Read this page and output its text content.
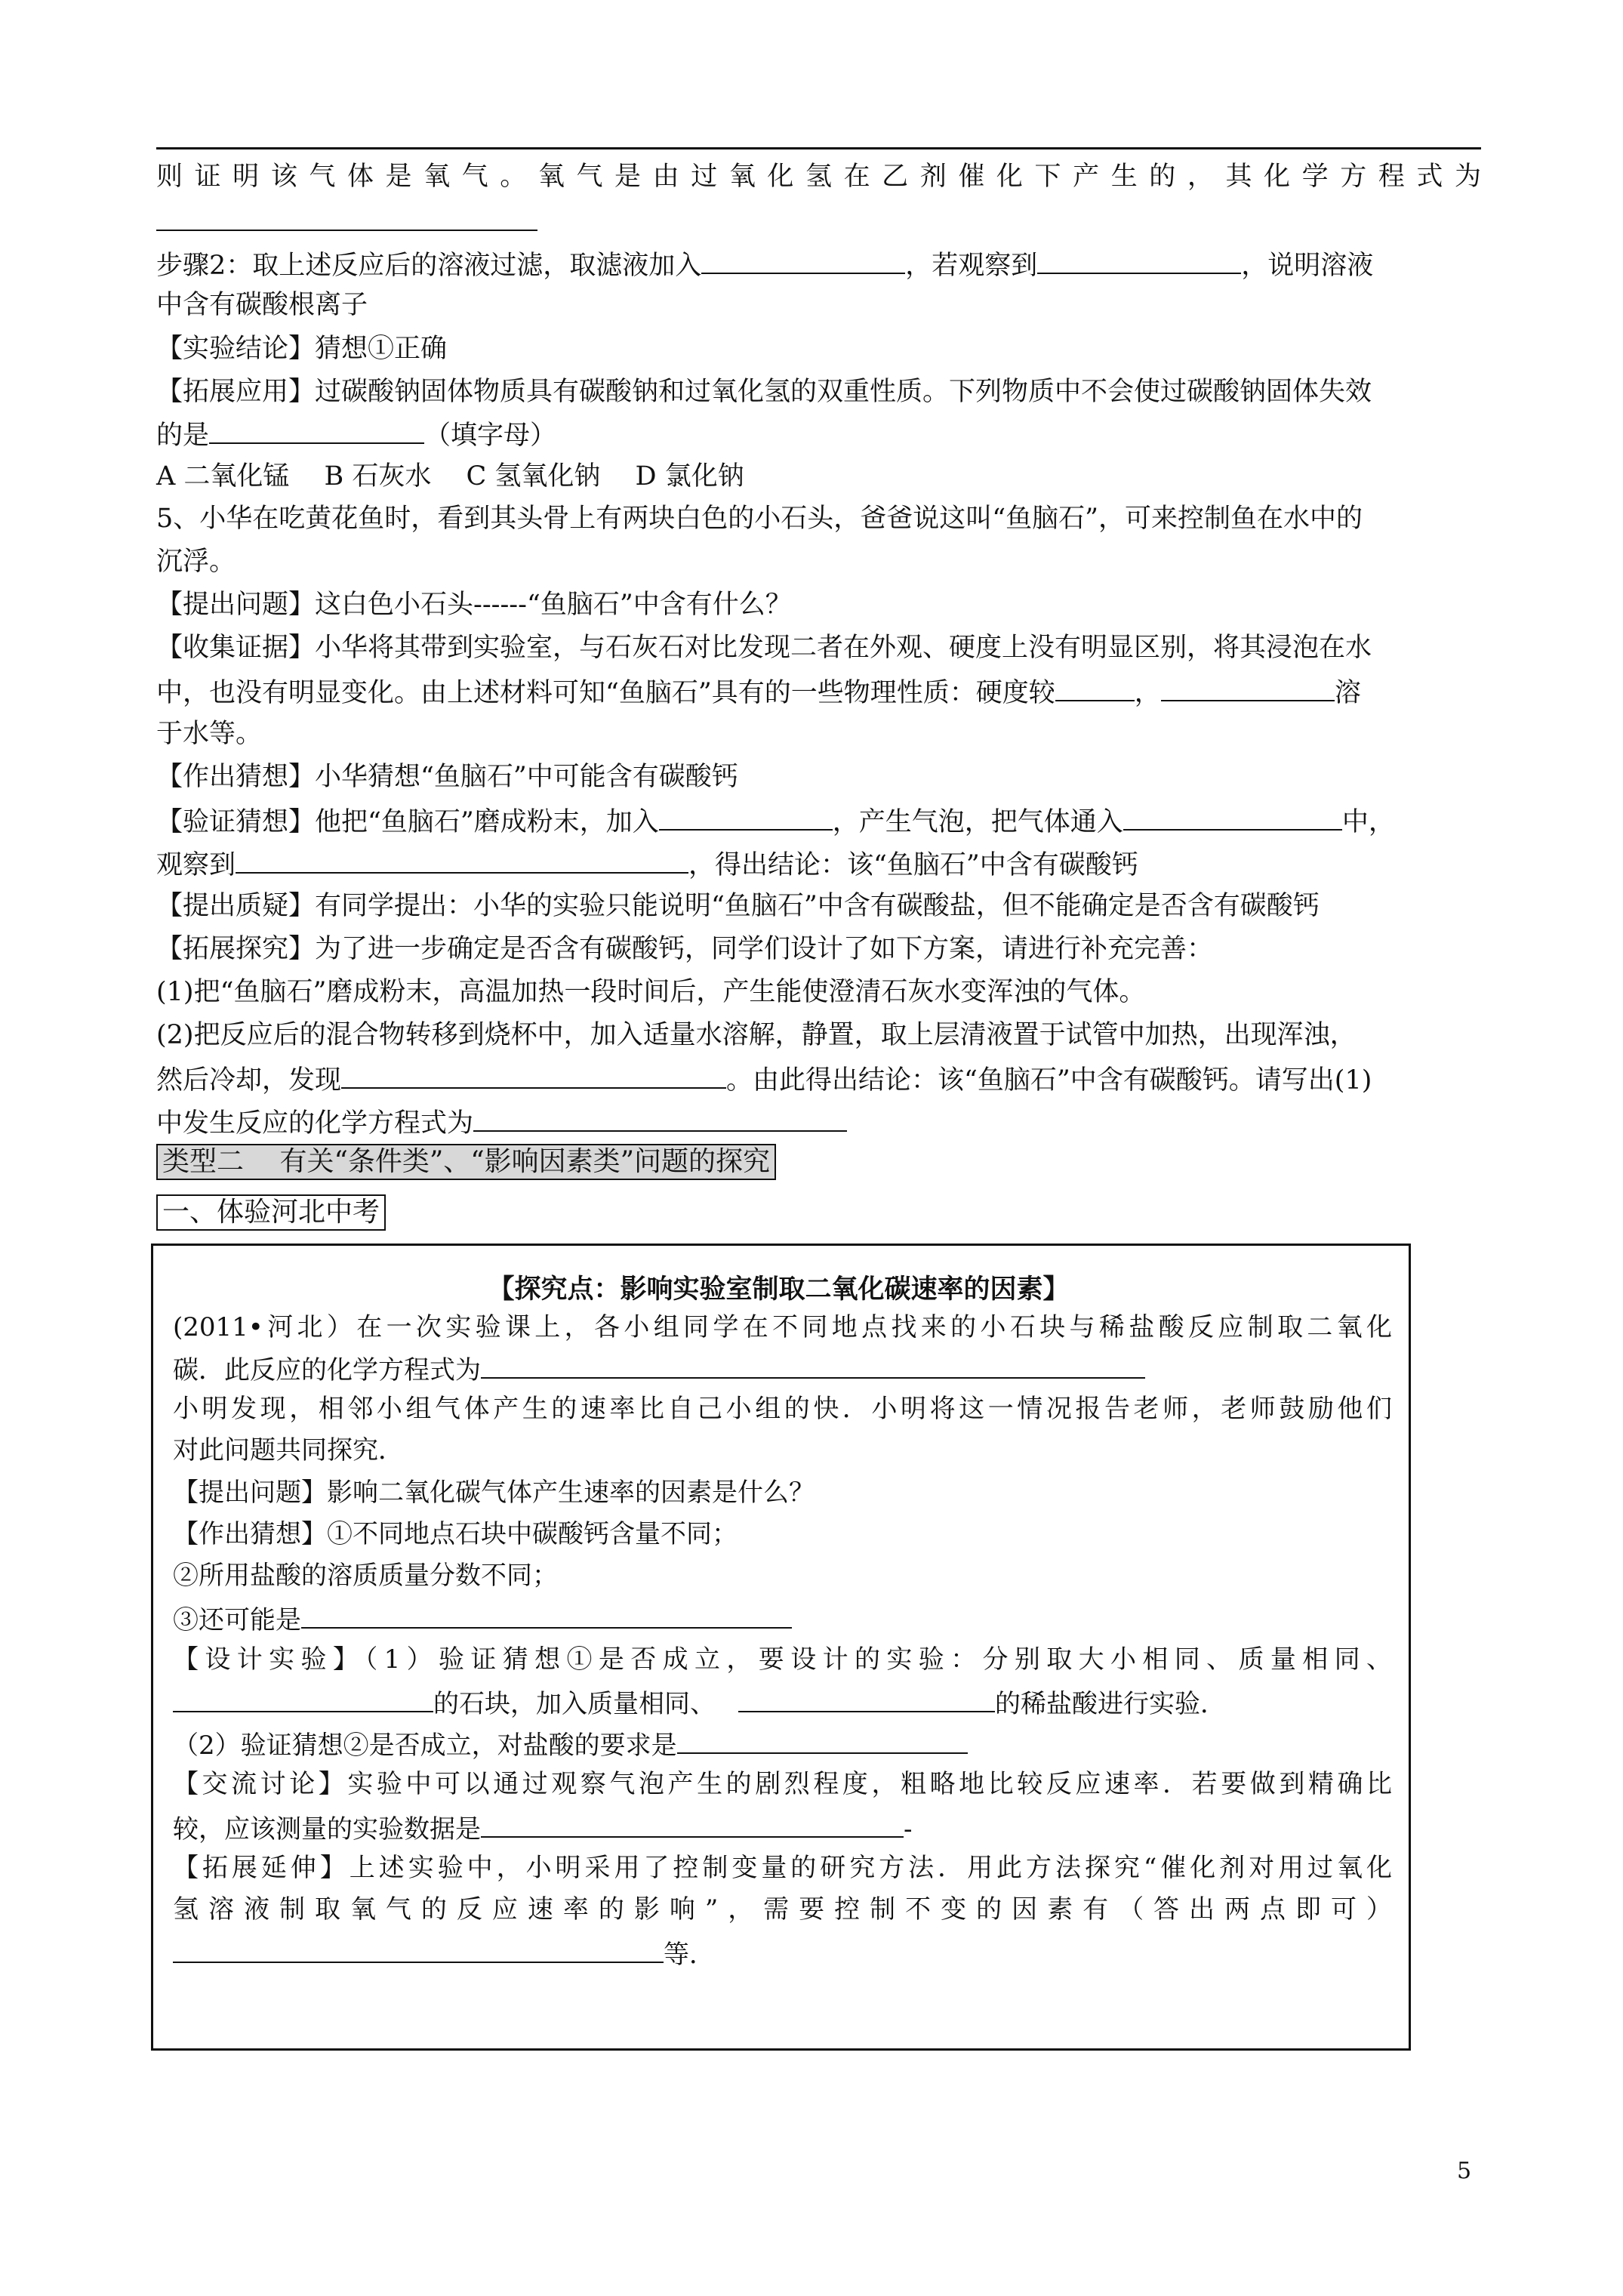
则证明该气体是氧气。氧气是由过氧化氢在乙剂催化下产生的，其化学方程式为
步骤2：取上述反应后的溶液过滤，取滤液加入	，若观察到	，说明溶液
中含有碳酸根离子
【实验结论】猜想①正确
【拓展应用】过碳酸钠固体物质具有碳酸钠和过氧化氢的双重性质。下列物质中不会使过碳酸钠固体失效
的是	（填字母）
A 二氧化锰　 B 石灰水　 C 氢氧化钠　 D 氯化钠
5、小华在吃黄花鱼时，看到其头骨上有两块白色的小石头，爸爸说这叫“鱼脑石”，可来控制鱼在水中的
沉浮。
【提出问题】这白色小石头------“鱼脑石”中含有什么？
【收集证据】小华将其带到实验室，与石灰石对比发现二者在外观、硬度上没有明显区别，将其浸泡在水
中，也没有明显变化。由上述材料可知“鱼脑石”具有的一些物理性质：硬度较	，	溶
于水等。
【作出猜想】小华猜想“鱼脑石”中可能含有碳酸钙
【验证猜想】他把“鱼脑石”磨成粉末，加入	，产生气泡，把气体通入	中，
观察到	，得出结论：该“鱼脑石”中含有碳酸钙
【提出质疑】有同学提出：小华的实验只能说明“鱼脑石”中含有碳酸盐，但不能确定是否含有碳酸钙
【拓展探究】为了进一步确定是否含有碳酸钙，同学们设计了如下方案，请进行补充完善：
(1)把“鱼脑石”磨成粉末，高温加热一段时间后，产生能使澄清石灰水变浑浊的气体。
(2)把反应后的混合物转移到烧杯中，加入适量水溶解，静置，取上层清液置于试管中加热，出现浑浊，
然后冷却，发现	。由此得出结论：该“鱼脑石”中含有碳酸钙。请写出(1)
中发生反应的化学方程式为
类型二　 有关“条件类”、“影响因素类”问题的探究
一、体验河北中考
【探究点：影响实验室制取二氧化碳速率的因素】
(2011•河北）在一次实验课上，各小组同学在不同地点找来的小石块与稀盐酸反应制取二氧化
碳．此反应的化学方程式为
小明发现，相邻小组气体产生的速率比自己小组的快．小明将这一情况报告老师，老师鼓励他们
对此问题共同探究．
【提出问题】影响二氧化碳气体产生速率的因素是什么？
【作出猜想】①不同地点石块中碳酸钙含量不同；
②所用盐酸的溶质质量分数不同；
③还可能是
【设计实验】（1）验证猜想①是否成立，要设计的实验：分别取大小相同、质量相同、
的石块，加入质量相同、	的稀盐酸进行实验．
（2）验证猜想②是否成立，对盐酸的要求是
【交流讨论】实验中可以通过观察气泡产生的剧烈程度，粗略地比较反应速率．若要做到精确比
较，应该测量的实验数据是	-
【拓展延伸】上述实验中，小明采用了控制变量的研究方法．用此方法探究“催化剂对用过氧化
氢溶液制取氧气的反应速率的影响”，需要控制不变的因素有（答出两点即可）
等．
5
